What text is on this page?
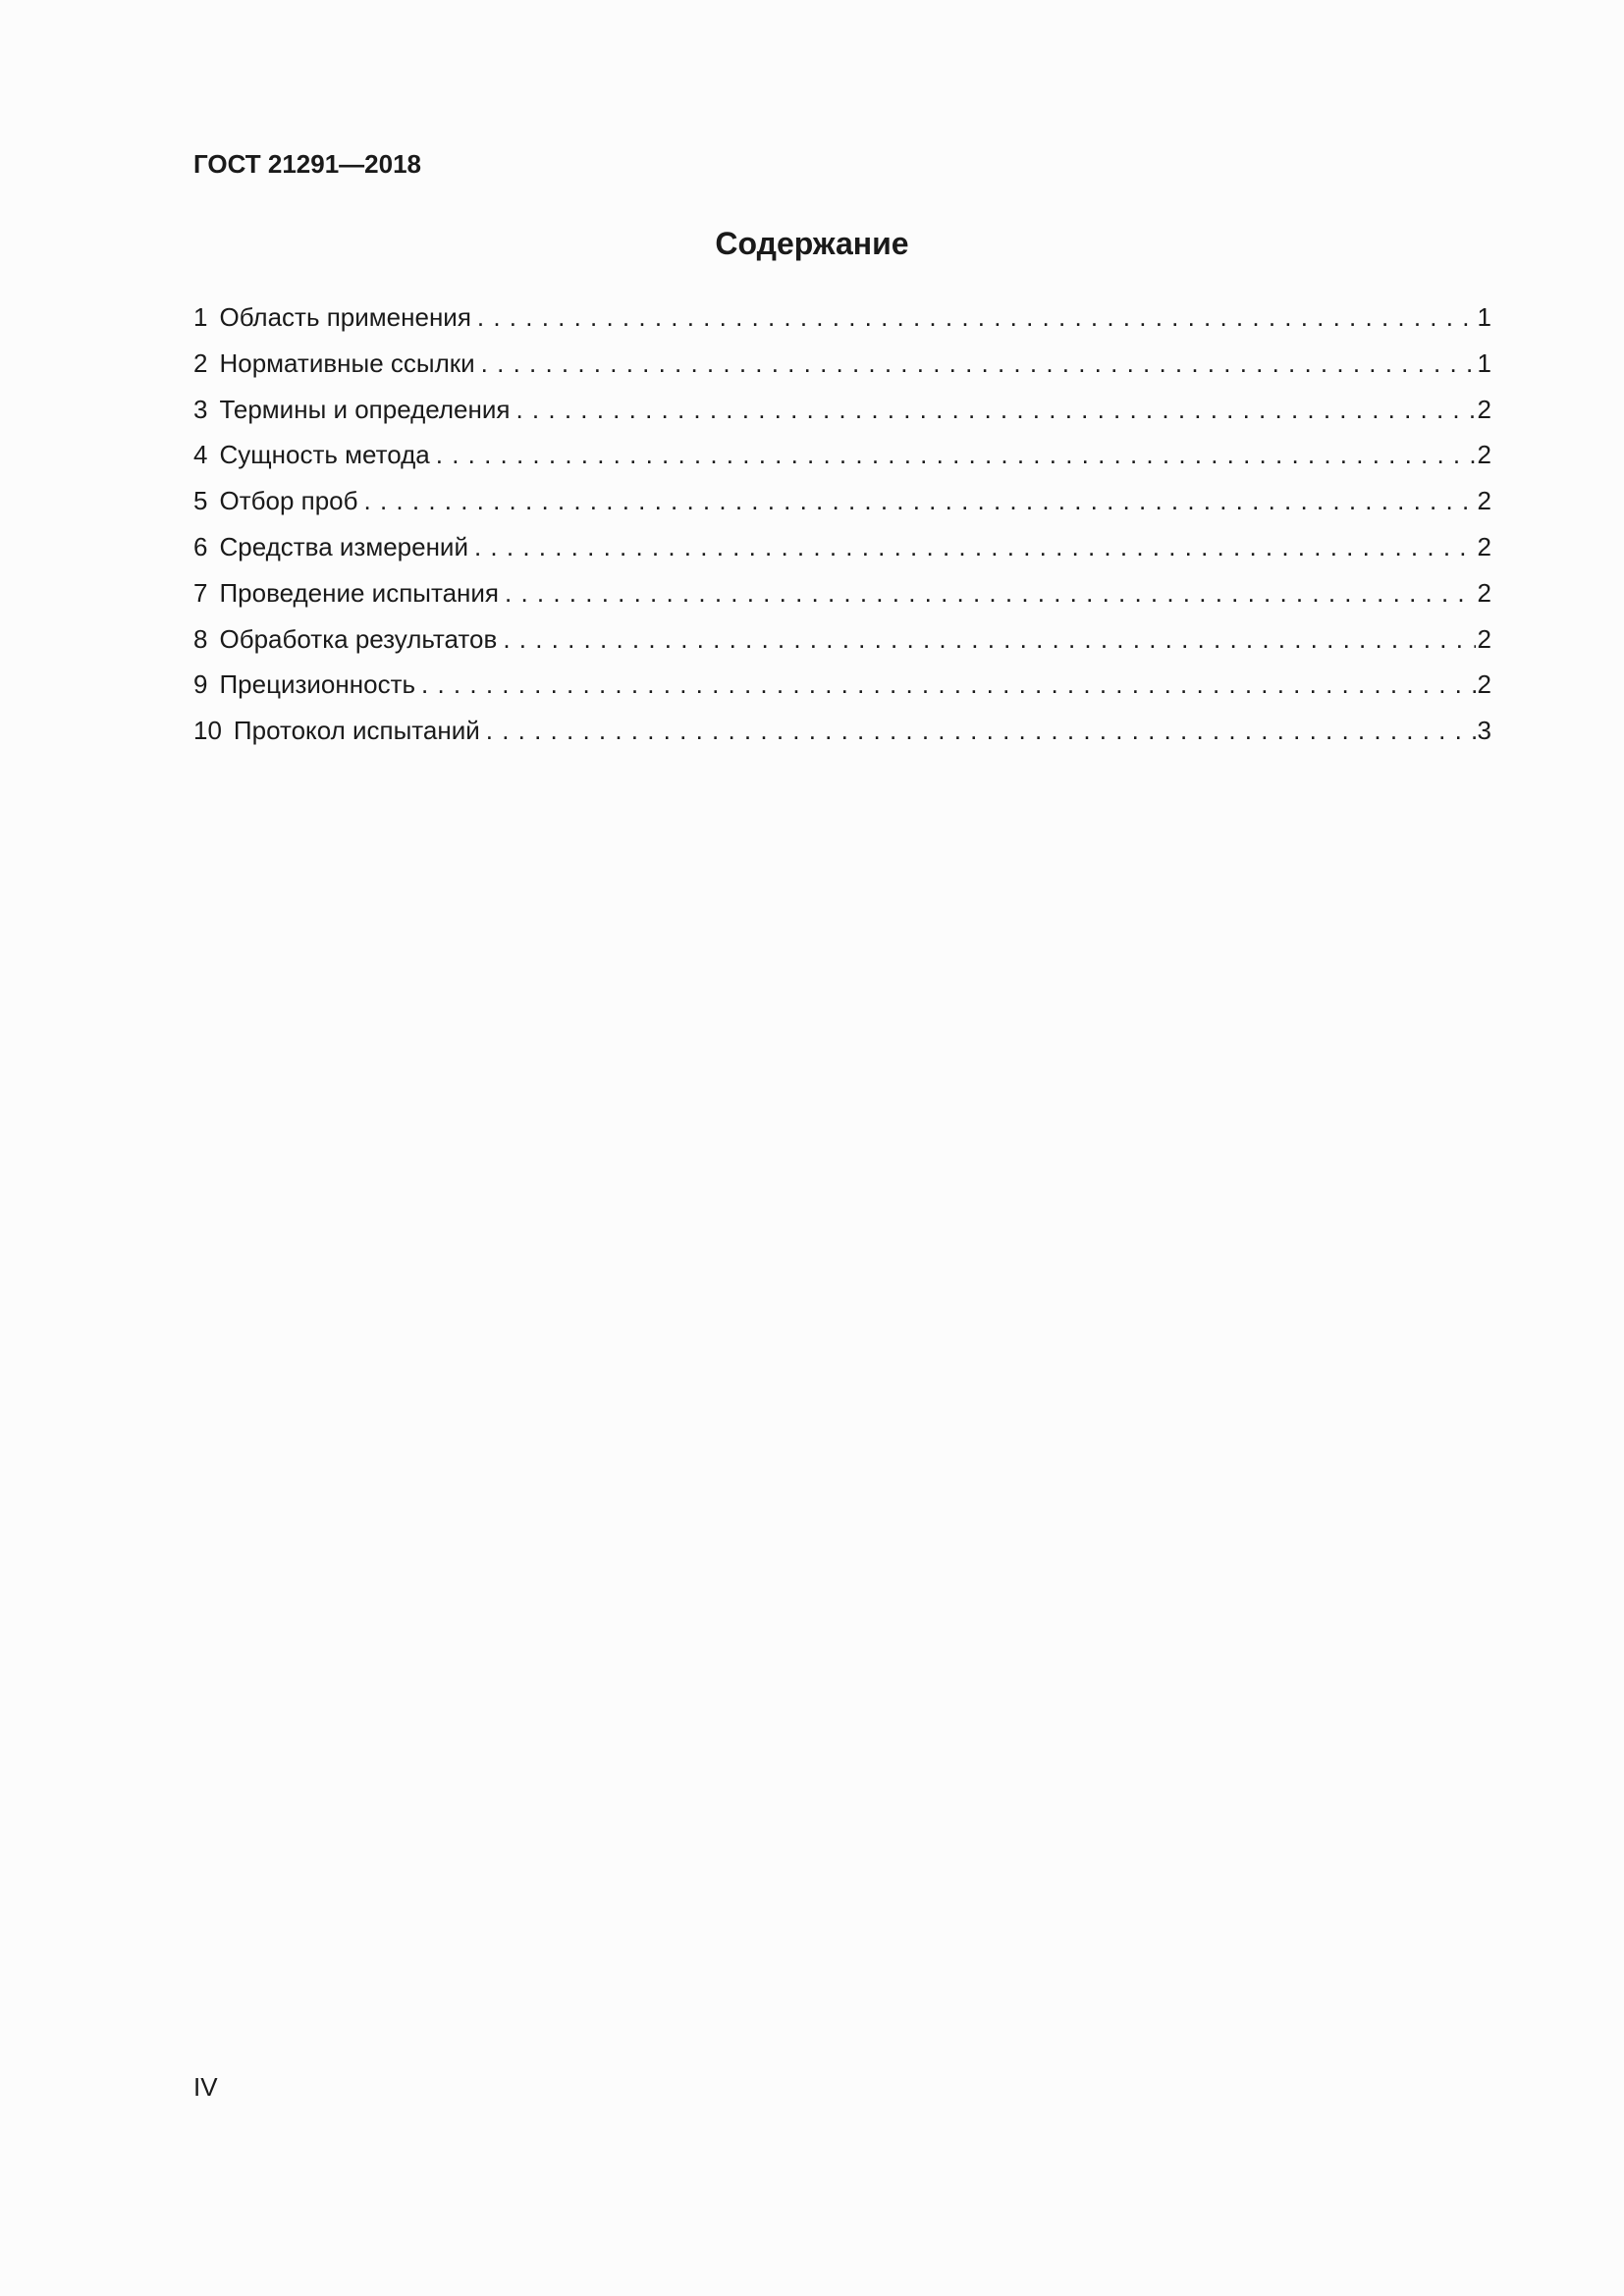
ГОСТ 21291—2018

Содержание
1 Область применения . . .	1
2 Нормативные ссылки . . .	1
3 Термины и определения . . .	2
4 Сущность метода . . .	2
5 Отбор проб . . .	2
6 Средства измерений . . .	2
7 Проведение испытания . . .	2
8 Обработка результатов . . .	2
9 Прецизионность . . .	2
10 Протокол испытаний . . .	3

IV
